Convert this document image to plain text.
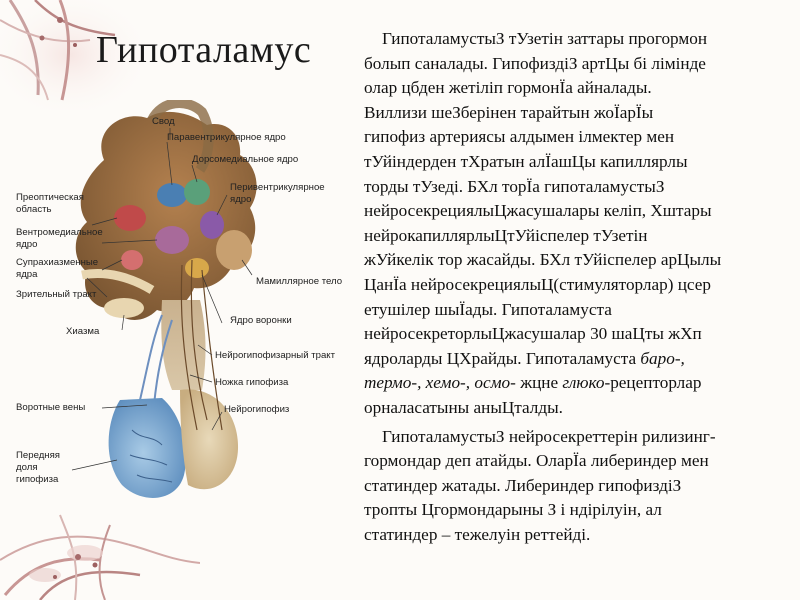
Гипоталамус
Свод
Паравентрикулярное ядро
Дорсомедиальное ядро
Преоптическая
область
Перивентрикулярное
ядро
Вентромедиальное
ядро
Супрахиазменные
ядра
Мамиллярное тело
Зрительный тракт
Ядро воронки
Хиазма
Нейрогипофизарный тракт
Ножка гипофиза
Воротные вены	Нейрогипофиз
Передняя
доля
гипофиза

ГипоталамустыЗ тУзетін заттары прогормон
болып саналады. ГипофиздіЗ артЦы бі лімінде
олар цбден жетіліп гормонЇа айналады.
Виллизи шеЗберінен тарайтын жоЇарЇы
гипофиз артериясы алдымен ілмектер мен
тУйіндерден тХратын алЇашЦы капиллярлы
торды тУзеді. БХл торЇа гипоталамустыЗ
нейросекрециялыЦжасушалары келіп, Хштары
нейрокапиллярлыЦтУйіспелер тУзетін
жУйкелік тор жасайды. БХл тУйіспелер арЦылы
ЦанЇа нейросекрециялыЦ(стимуляторлар) цсер
етушілер шыЇады. Гипоталамуста
нейросекреторлыЦжасушалар 30 шаЦты жХп
ядроларды ЦХрайды. Гипоталамуста баро-,
термо-, хемо-, осмо- жцне глюко-рецепторлар
орналасатыны аныЦталды.

ГипоталамустыЗ нейросекреттерін рилизинг-
гормондар деп атайды. ОларЇа либериндер мен
статиндер жатады. Либериндер гипофиздіЗ
тропты Цгормондарыны З і ндірілуін, ал
статиндер – тежелуін реттейді.
